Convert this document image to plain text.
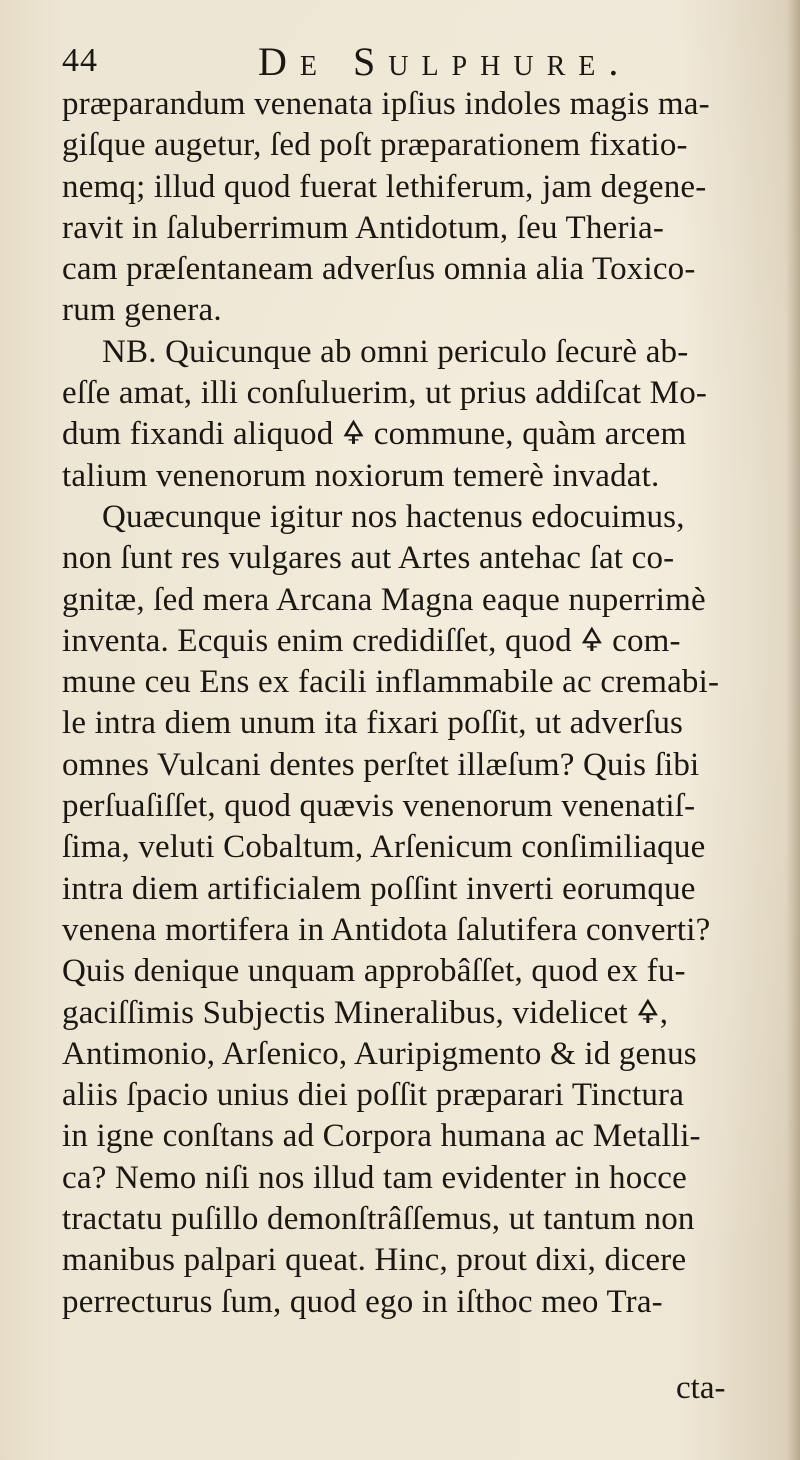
44	De Sulphure.
præparandum venenata ipſius indoles magis ma-
giſque augetur, ſed poſt præparationem fixatio-
nemq; illud quod fuerat lethiferum, jam degene-
ravit in ſaluberrimum Antidotum, ſeu Theria-
cam præſentaneam adverſus omnia alia Toxico-
rum genera.
NB. Quicunque ab omni periculo ſecurè ab-
eſſe amat, illi conſuluerim, ut prius addiſcat Mo-
dum fixandi aliquod 🜍 commune, quàm arcem
talium venenorum noxiorum temerè invadat.
Quæcunque igitur nos hactenus edocuimus,
non ſunt res vulgares aut Artes antehac ſat co-
gnitæ, ſed mera Arcana Magna eaque nuperrimè
inventa. Ecquis enim credidiſſet, quod 🜍 com-
mune ceu Ens ex facili inflammabile ac cremabi-
le intra diem unum ita fixari poſſit, ut adverſus
omnes Vulcani dentes perſtet illæſum? Quis ſibi
perſuaſiſſet, quod quævis venenorum venenatiſ-
ſima, veluti Cobaltum, Arſenicum conſimiliaque
intra diem artificialem poſſint inverti eorumque
venena mortifera in Antidota ſalutifera converti?
Quis denique unquam approbâſſet, quod ex fu-
gaciſſimis Subjectis Mineralibus, videlicet 🜍,
Antimonio, Arſenico, Auripigmento & id genus
aliis ſpacio unius diei poſſit præparari Tinctura
in igne conſtans ad Corpora humana ac Metalli-
ca? Nemo niſi nos illud tam evidenter in hocce
tractatu puſillo demonſtrâſſemus, ut tantum non
manibus palpari queat. Hinc, prout dixi, dicere
perrecturus ſum, quod ego in iſthoc meo Tra-
cta-
